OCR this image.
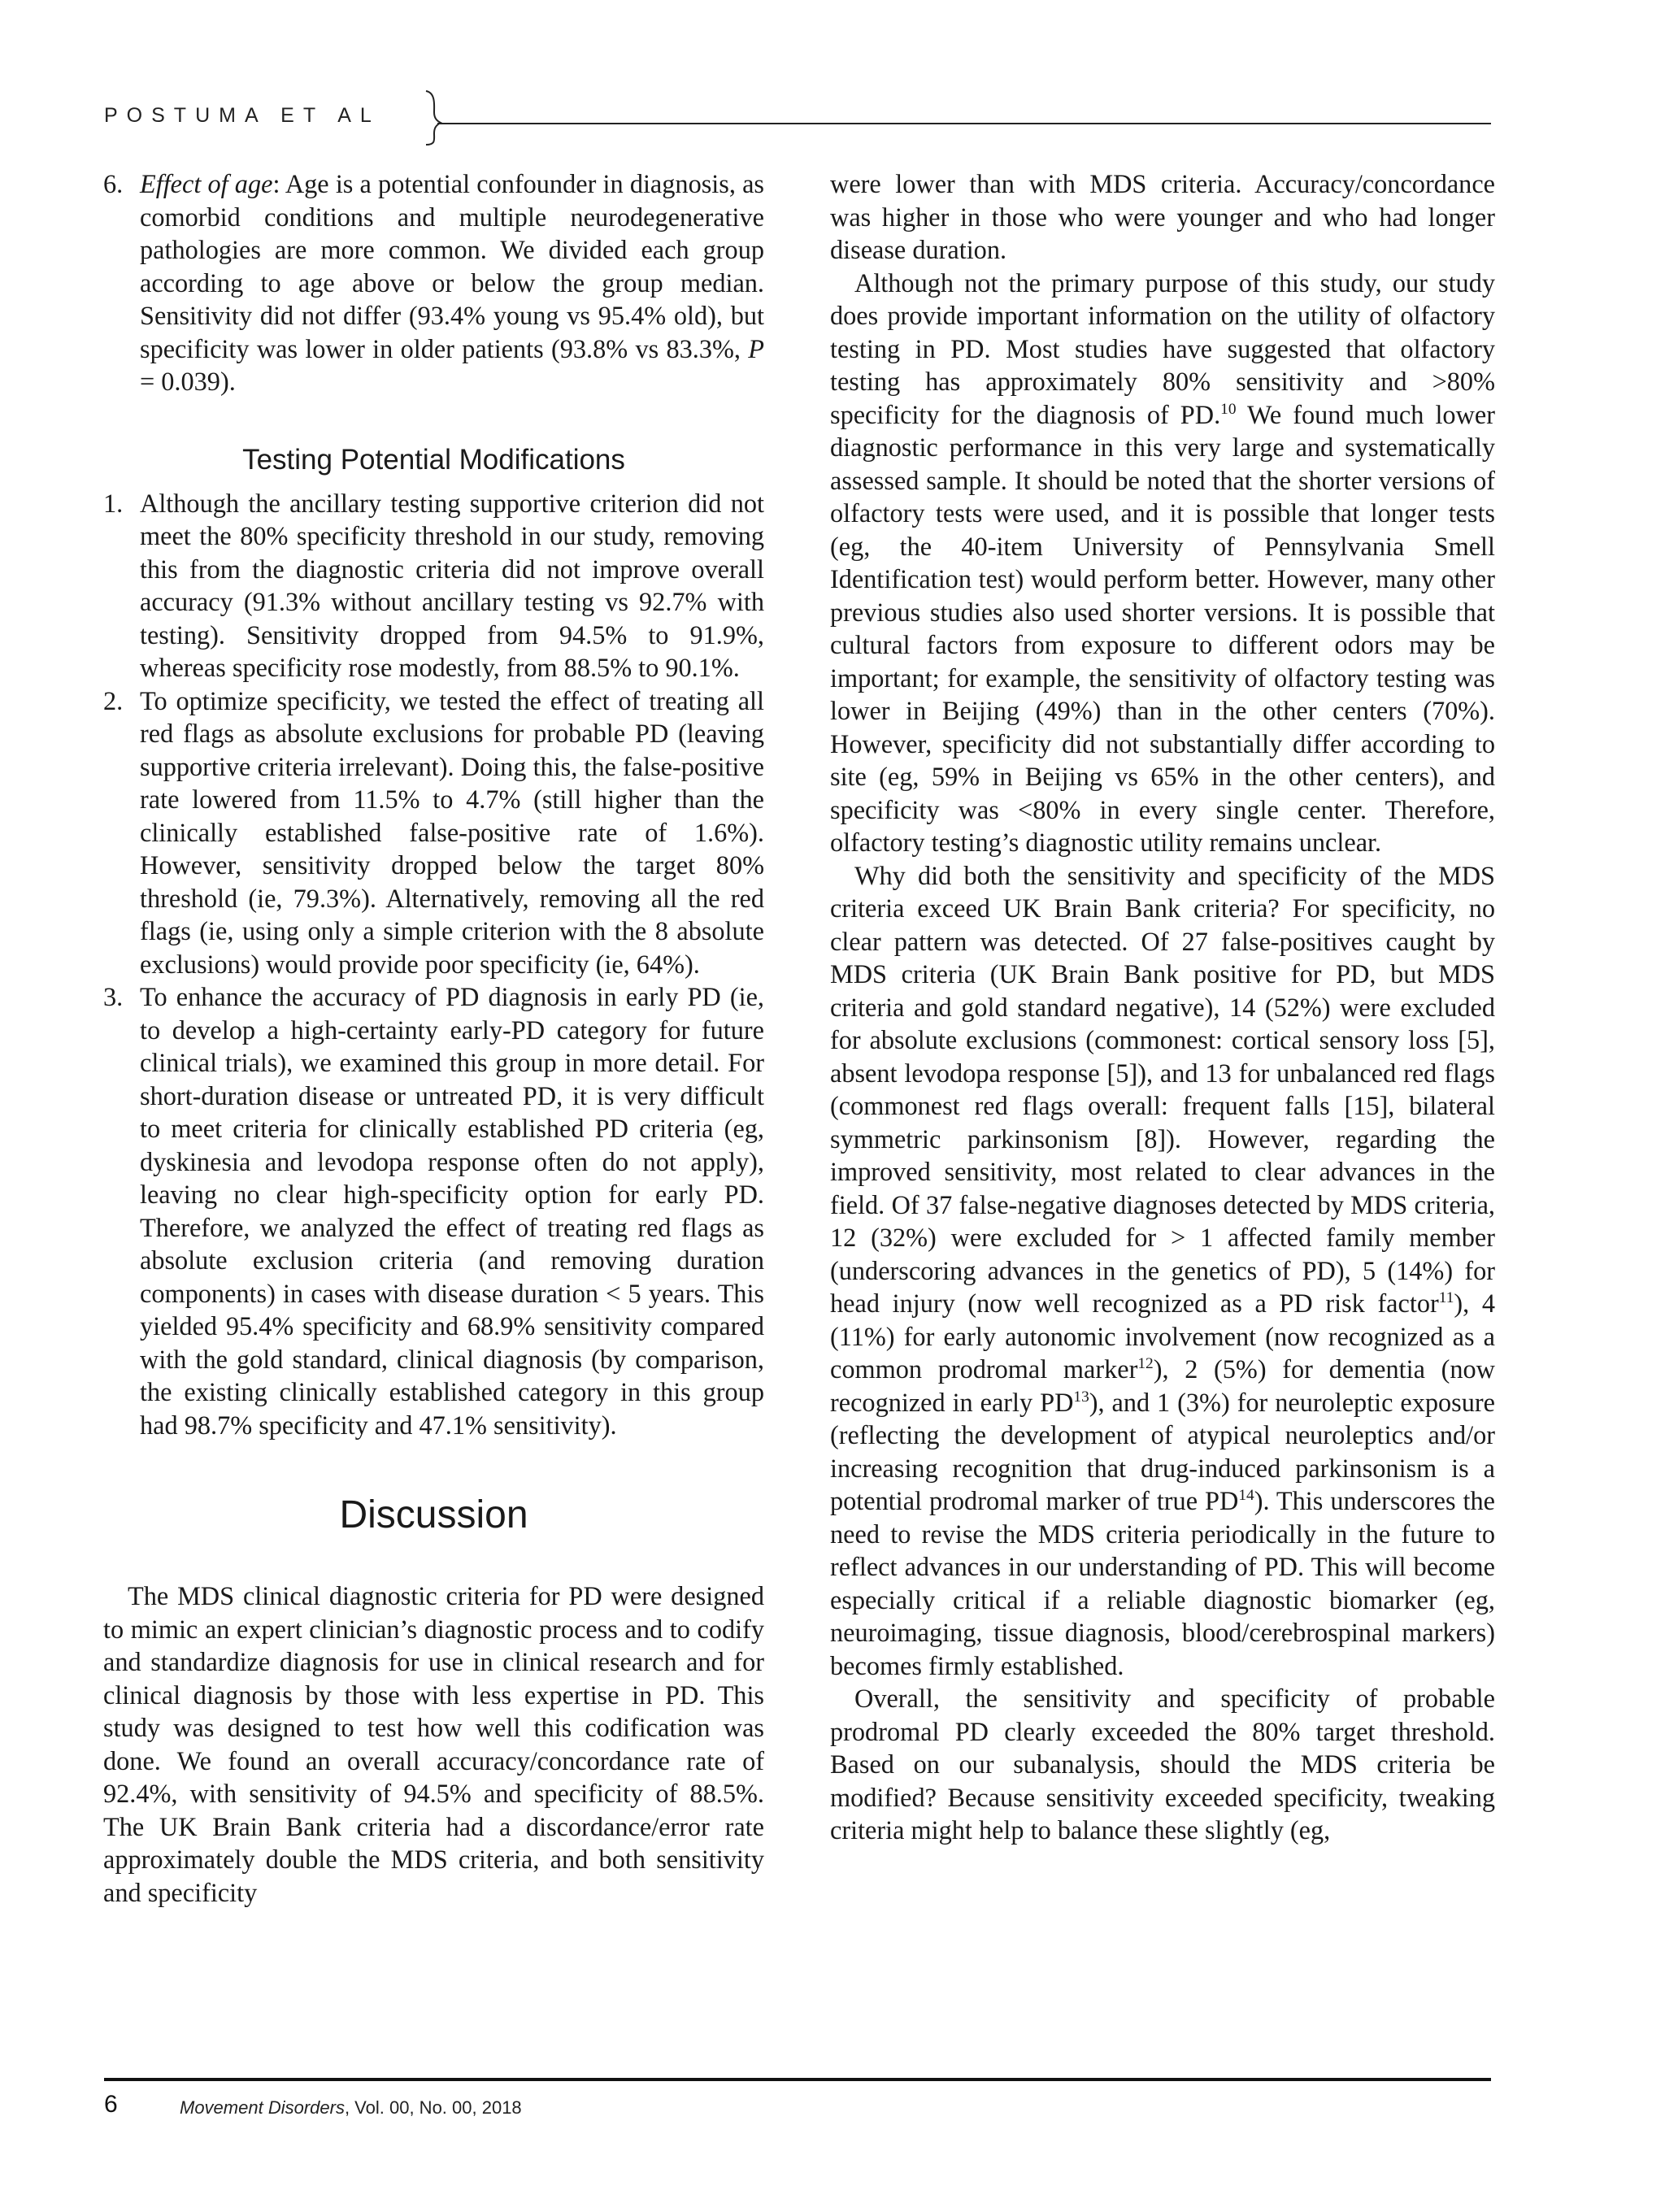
POSTUMA ET AL
6. Effect of age: Age is a potential confounder in diagnosis, as comorbid conditions and multiple neurodegenerative pathologies are more common. We divided each group according to age above or below the group median. Sensitivity did not differ (93.4% young vs 95.4% old), but specificity was lower in older patients (93.8% vs 83.3%, P = 0.039).
Testing Potential Modifications
1. Although the ancillary testing supportive criterion did not meet the 80% specificity threshold in our study, removing this from the diagnostic criteria did not improve overall accuracy (91.3% without ancillary testing vs 92.7% with testing). Sensitivity dropped from 94.5% to 91.9%, whereas specificity rose modestly, from 88.5% to 90.1%.
2. To optimize specificity, we tested the effect of treating all red flags as absolute exclusions for probable PD (leaving supportive criteria irrelevant). Doing this, the false-positive rate lowered from 11.5% to 4.7% (still higher than the clinically established false-positive rate of 1.6%). However, sensitivity dropped below the target 80% threshold (ie, 79.3%). Alternatively, removing all the red flags (ie, using only a simple criterion with the 8 absolute exclusions) would provide poor specificity (ie, 64%).
3. To enhance the accuracy of PD diagnosis in early PD (ie, to develop a high-certainty early-PD category for future clinical trials), we examined this group in more detail. For short-duration disease or untreated PD, it is very difficult to meet criteria for clinically established PD criteria (eg, dyskinesia and levodopa response often do not apply), leaving no clear high-specificity option for early PD. Therefore, we analyzed the effect of treating red flags as absolute exclusion criteria (and removing duration components) in cases with disease duration < 5 years. This yielded 95.4% specificity and 68.9% sensitivity compared with the gold standard, clinical diagnosis (by comparison, the existing clinically established category in this group had 98.7% specificity and 47.1% sensitivity).
Discussion

The MDS clinical diagnostic criteria for PD were designed to mimic an expert clinician’s diagnostic process and to codify and standardize diagnosis for use in clinical research and for clinical diagnosis by those with less expertise in PD. This study was designed to test how well this codification was done. We found an overall accuracy/concordance rate of 92.4%, with sensitivity of 94.5% and specificity of 88.5%. The UK Brain Bank criteria had a discordance/error rate approximately double the MDS criteria, and both sensitivity and specificity

were lower than with MDS criteria. Accuracy/concordance was higher in those who were younger and who had longer disease duration.

Although not the primary purpose of this study, our study does provide important information on the utility of olfactory testing in PD. Most studies have suggested that olfactory testing has approximately 80% sensitivity and >80% specificity for the diagnosis of PD.$^{10}$ We found much lower diagnostic performance in this very large and systematically assessed sample. It should be noted that the shorter versions of olfactory tests were used, and it is possible that longer tests (eg, the 40-item University of Pennsylvania Smell Identification test) would perform better. However, many other previous studies also used shorter versions. It is possible that cultural factors from exposure to different odors may be important; for example, the sensitivity of olfactory testing was lower in Beijing (49%) than in the other centers (70%). However, specificity did not substantially differ according to site (eg, 59% in Beijing vs 65% in the other centers), and specificity was <80% in every single center. Therefore, olfactory testing’s diagnostic utility remains unclear.

Why did both the sensitivity and specificity of the MDS criteria exceed UK Brain Bank criteria? For specificity, no clear pattern was detected. Of 27 false-positives caught by MDS criteria (UK Brain Bank positive for PD, but MDS criteria and gold standard negative), 14 (52%) were excluded for absolute exclusions (commonest: cortical sensory loss [5], absent levodopa response [5]), and 13 for unbalanced red flags (commonest red flags overall: frequent falls [15], bilateral symmetric parkinsonism [8]). However, regarding the improved sensitivity, most related to clear advances in the field. Of 37 false-negative diagnoses detected by MDS criteria, 12 (32%) were excluded for > 1 affected family member (underscoring advances in the genetics of PD), 5 (14%) for head injury (now well recognized as a PD risk factor$^{11}$), 4 (11%) for early autonomic involvement (now recognized as a common prodromal marker$^{12}$), 2 (5%) for dementia (now recognized in early PD$^{13}$), and 1 (3%) for neuroleptic exposure (reflecting the development of atypical neuroleptics and/or increasing recognition that drug-induced parkinsonism is a potential prodromal marker of true PD$^{14}$). This underscores the need to revise the MDS criteria periodically in the future to reflect advances in our understanding of PD. This will become especially critical if a reliable diagnostic biomarker (eg, neuroimaging, tissue diagnosis, blood/cerebrospinal markers) becomes firmly established.

Overall, the sensitivity and specificity of probable prodromal PD clearly exceeded the 80% target threshold. Based on our subanalysis, should the MDS criteria be modified? Because sensitivity exceeded specificity, tweaking criteria might help to balance these slightly (eg,

6	Movement Disorders, Vol. 00, No. 00, 2018
